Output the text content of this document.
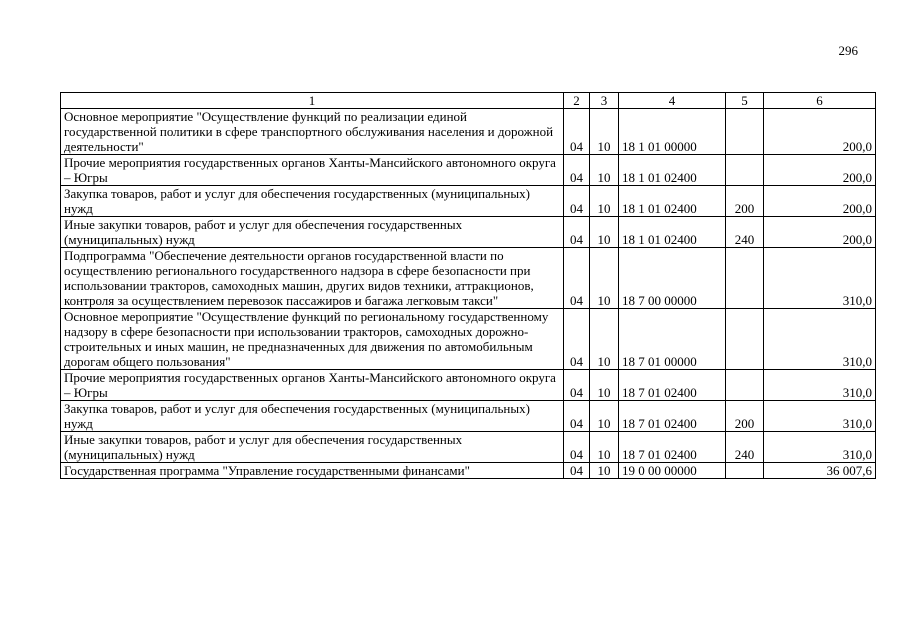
296
1	2	3	4	5	6
Основное мероприятие "Осуществление функций по реализации единой государственной политики в сфере транспортного обслуживания населения и дорожной деятельности"	04	10	18 1 01 00000		200,0
Прочие мероприятия государственных органов Ханты-Мансийского автономного округа – Югры	04	10	18 1 01 02400		200,0
Закупка товаров, работ и услуг для обеспечения государственных (муниципальных) нужд	04	10	18 1 01 02400	200	200,0
Иные закупки товаров, работ и услуг для обеспечения государственных (муниципальных) нужд	04	10	18 1 01 02400	240	200,0
Подпрограмма "Обеспечение деятельности органов государственной власти по осуществлению регионального государственного надзора в сфере безопасности при использовании тракторов, самоходных машин, других видов техники, аттракционов, контроля за осуществлением перевозок пассажиров и багажа легковым такси"	04	10	18 7 00 00000		310,0
Основное мероприятие "Осуществление функций по региональному государственному надзору в сфере безопасности при использовании тракторов, самоходных дорожно-строительных и иных машин, не предназначенных для движения по автомобильным дорогам общего пользования"	04	10	18 7 01 00000		310,0
Прочие мероприятия государственных органов Ханты-Мансийского автономного округа – Югры	04	10	18 7 01 02400		310,0
Закупка товаров, работ и услуг для обеспечения государственных (муниципальных) нужд	04	10	18 7 01 02400	200	310,0
Иные закупки товаров, работ и услуг для обеспечения государственных (муниципальных) нужд	04	10	18 7 01 02400	240	310,0
Государственная программа "Управление государственными финансами"	04	10	19 0 00 00000		36 007,6
